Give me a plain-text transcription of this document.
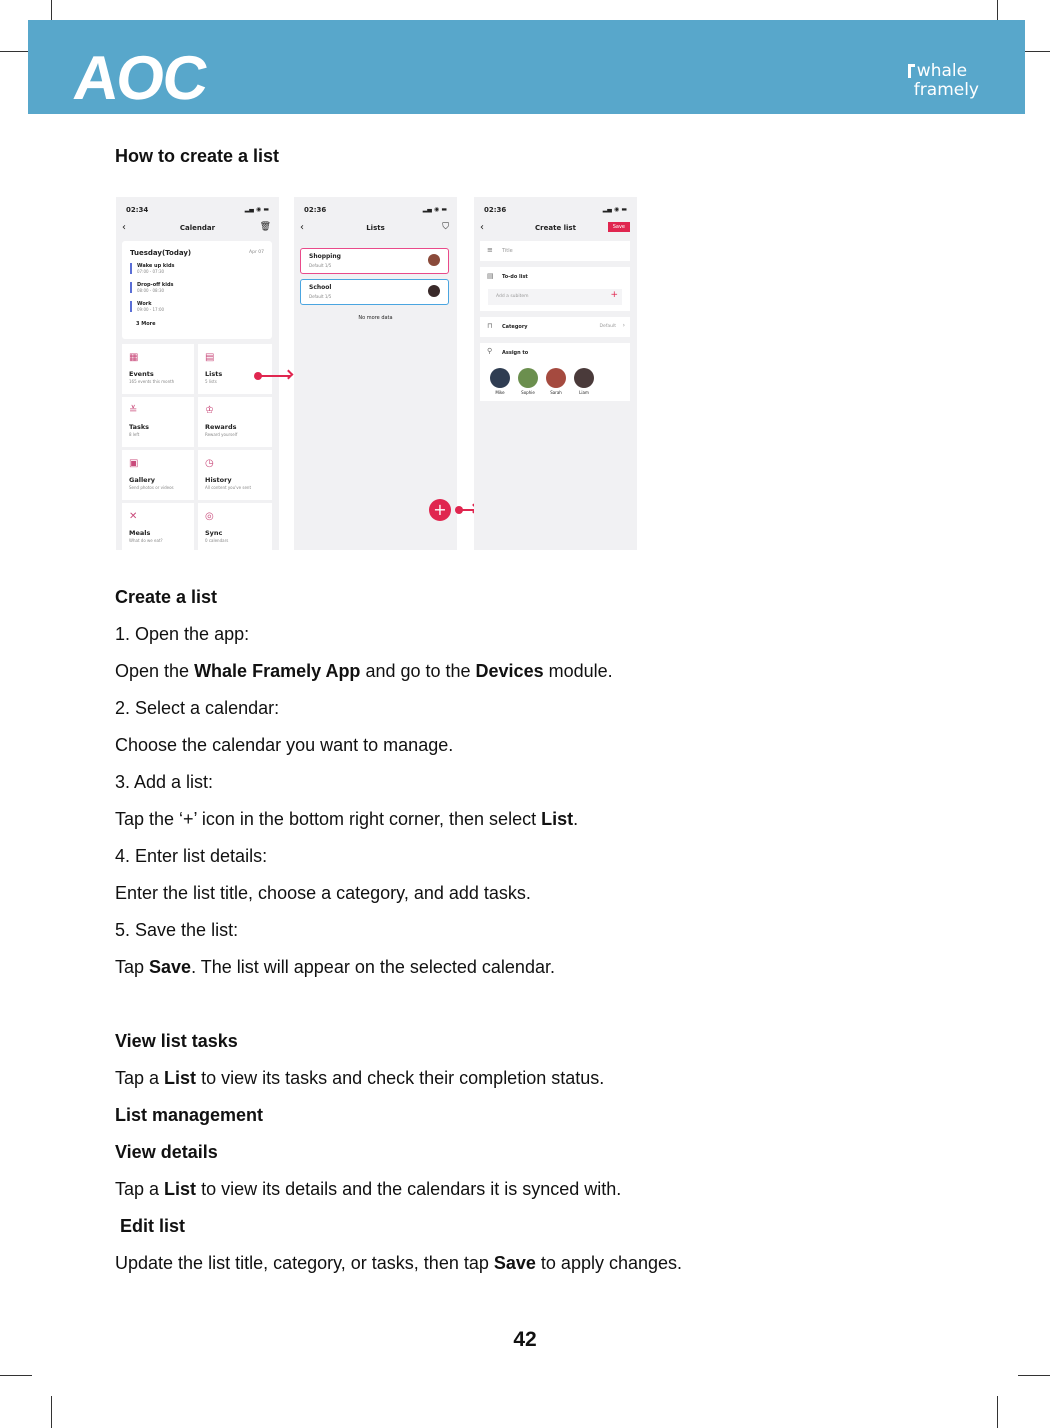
AOC	whale
framely
How to create a list
02:34	▂▄ ◉ ▬
‹	Calendar	🗑
Tuesday(Today)	Apr 07
Wake up kids
07:00 - 07:30
Drop-off kids
08:00 - 08:30
Work
09:00 - 17:00
3 More
▦
Events
165 events this month
▤
Lists
5 lists
≚
Tasks
8 left
♔
Rewards
Reward yourself
▣
Gallery
Send photos or videos
◷
History
All content you've sent
✕
Meals
What do we eat?
◎
Sync
0 calendars
02:36	▂▄ ◉ ▬
‹	Lists	⛉
Shopping
Default 1/5
School
Default 1/5
No more data
+
02:36	▂▄ ◉ ▬
‹	Create list	Save
≡ Title
▤ To-do list
Add a subitem	+
⊓ Category	Default ›
⚲ Assign to
Mike	Sophie	Sarah	Liam
Create a list
1. Open the app:
Open the Whale Framely App and go to the Devices module.
2. Select a calendar:
Choose the calendar you want to manage.
3. Add a list:
Tap the ‘+’ icon in the bottom right corner, then select List.
4. Enter list details:
Enter the list title, choose a category, and add tasks.
5. Save the list:
Tap Save. The list will appear on the selected calendar.
View list tasks
Tap a List to view its tasks and check their completion status.
List management
View details
Tap a List to view its details and the calendars it is synced with.
Edit list
Update the list title, category, or tasks, then tap Save to apply changes.
42
